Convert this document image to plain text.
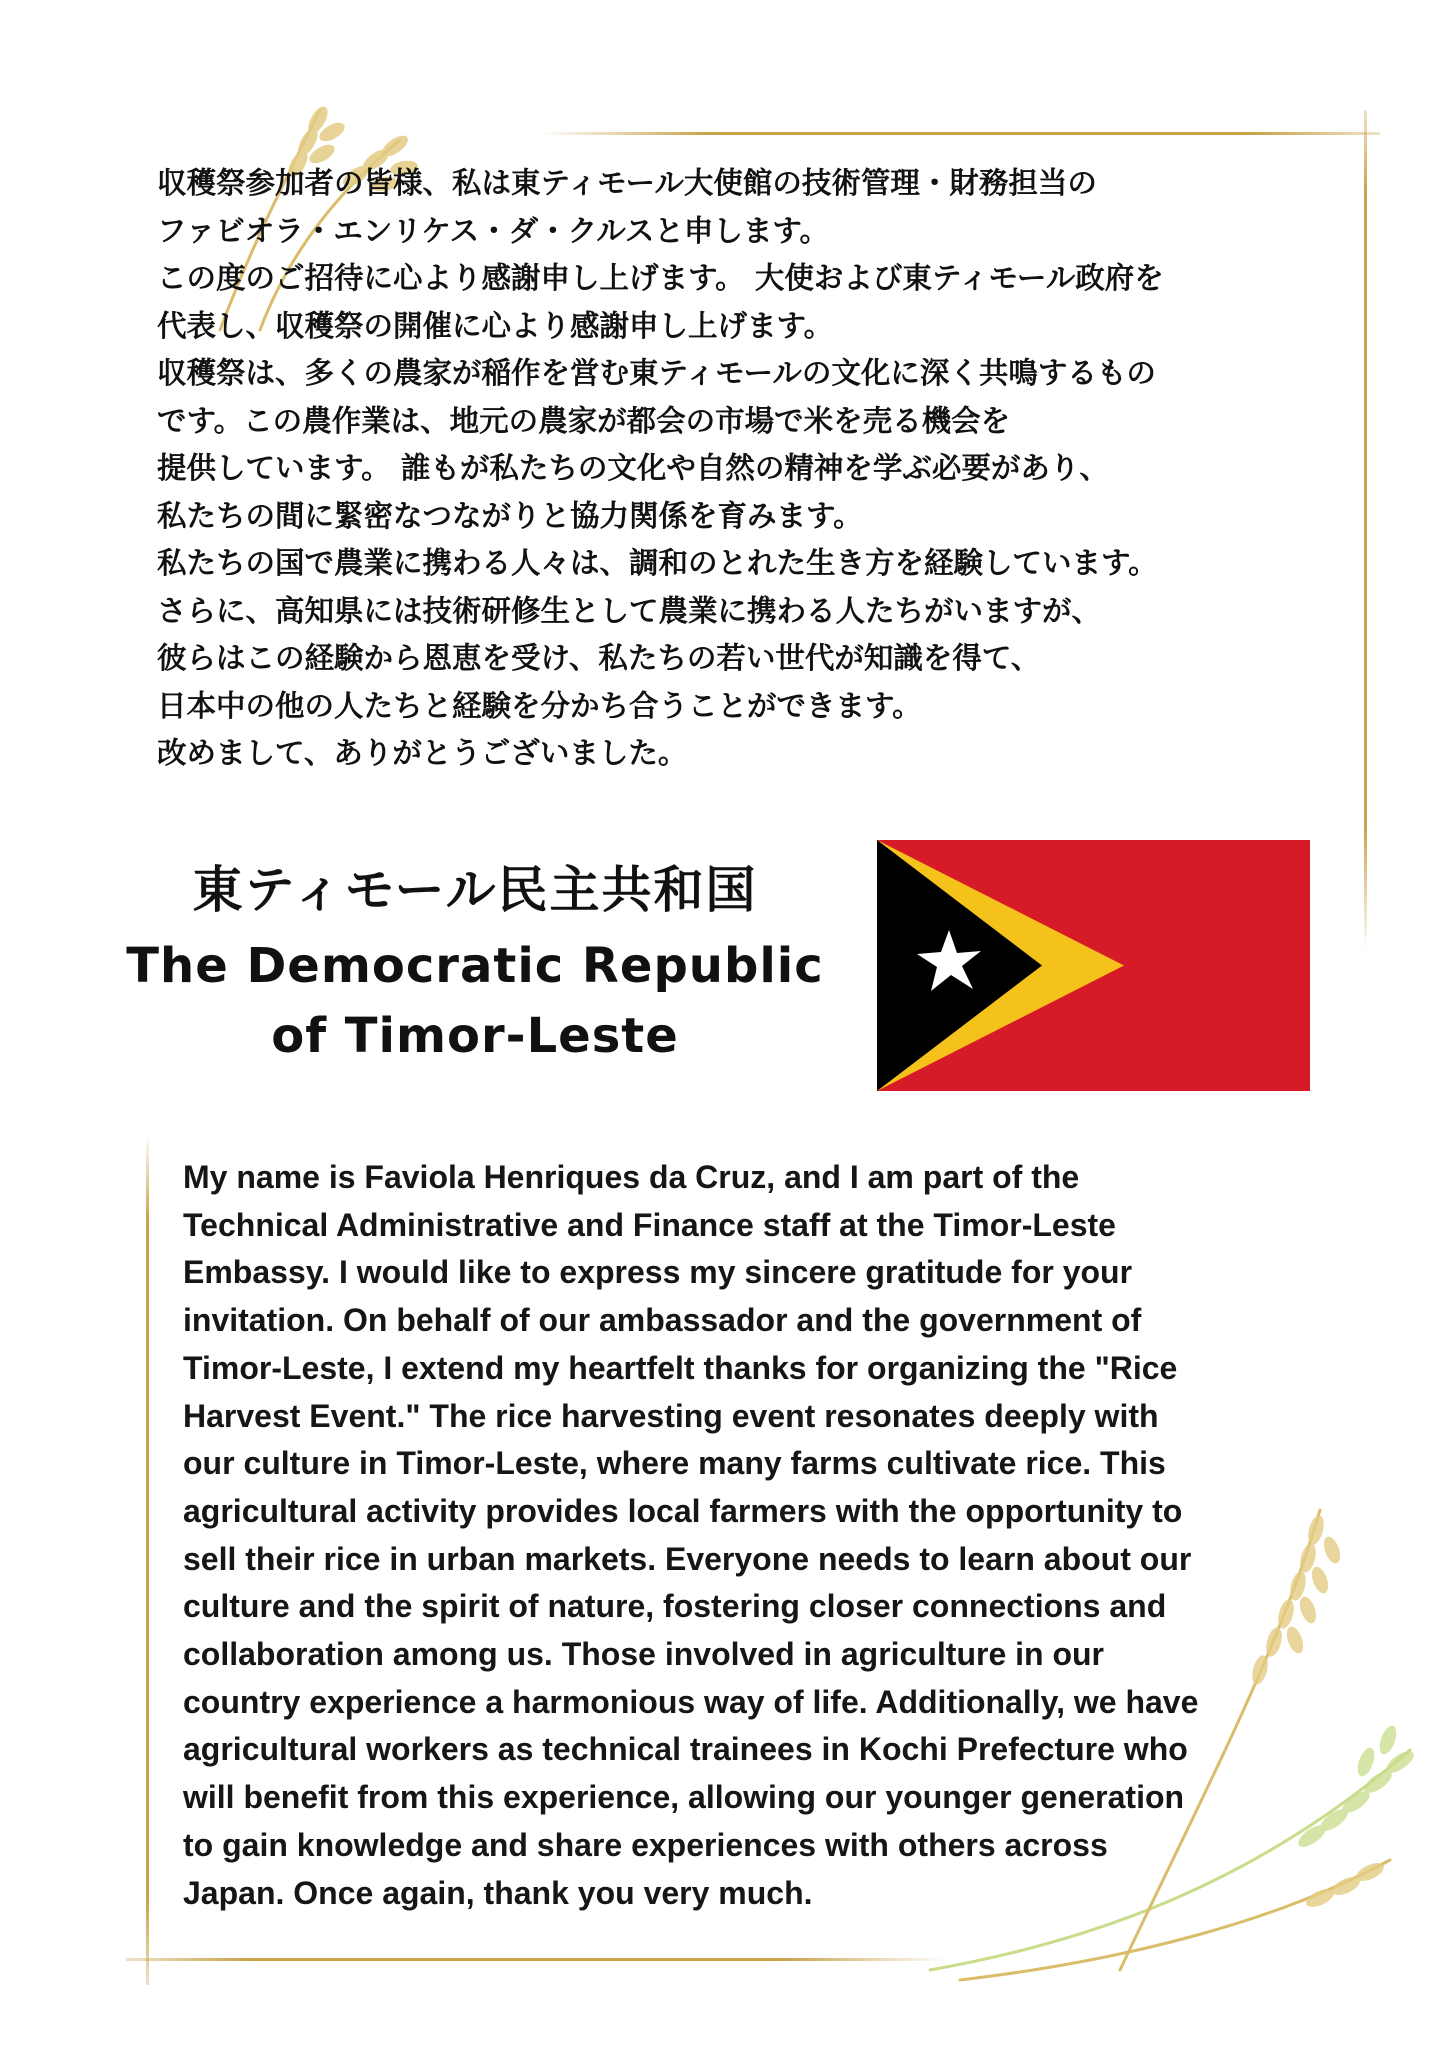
収穫祭参加者の皆様、私は東ティモール大使館の技術管理・財務担当の
ファビオラ・エンリケス・ダ・クルスと申します。
この度のご招待に心より感謝申し上げます。 大使および東ティモール政府を
代表し、収穫祭の開催に心より感謝申し上げます。
収穫祭は、多くの農家が稲作を営む東ティモールの文化に深く共鳴するもの
です。この農作業は、地元の農家が都会の市場で米を売る機会を
提供しています。 誰もが私たちの文化や自然の精神を学ぶ必要があり、
私たちの間に緊密なつながりと協力関係を育みます。
私たちの国で農業に携わる人々は、調和のとれた生き方を経験しています。
さらに、高知県には技術研修生として農業に携わる人たちがいますが、
彼らはこの経験から恩恵を受け、私たちの若い世代が知識を得て、
日本中の他の人たちと経験を分かち合うことができます。
改めまして、ありがとうございました。
東ティモール民主共和国
The Democratic Republic
of Timor-Leste
My name is Faviola Henriques da Cruz, and I am part of the
Technical Administrative and Finance staff at the Timor-Leste
Embassy. I would like to express my sincere gratitude for your
invitation. On behalf of our ambassador and the government of
Timor-Leste, I extend my heartfelt thanks for organizing the "Rice
Harvest Event." The rice harvesting event resonates deeply with
our culture in Timor-Leste, where many farms cultivate rice. This
agricultural activity provides local farmers with the opportunity to
sell their rice in urban markets. Everyone needs to learn about our
culture and the spirit of nature, fostering closer connections and
collaboration among us. Those involved in agriculture in our
country experience a harmonious way of life. Additionally, we have
agricultural workers as technical trainees in Kochi Prefecture who
will benefit from this experience, allowing our younger generation
to gain knowledge and share experiences with others across
Japan. Once again, thank you very much.
